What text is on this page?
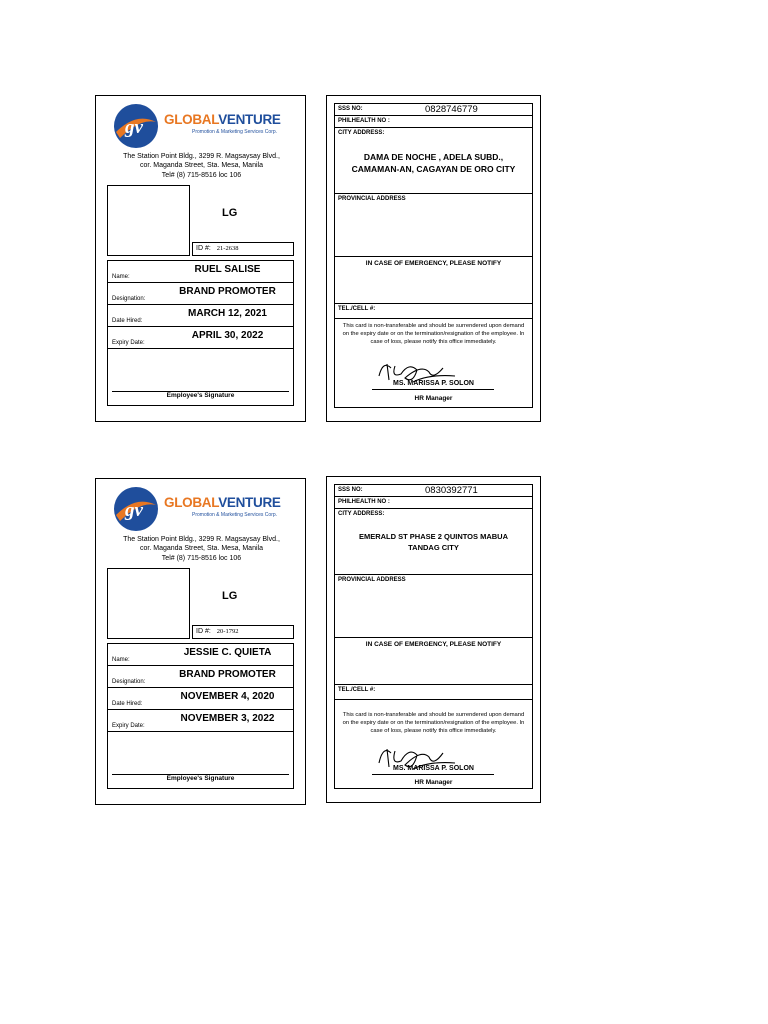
gv GLOBALVENTURE
Promotion & Marketing Services Corp.
The Station Point Bldg., 3299 R. Magsaysay Blvd.,
cor. Maganda Street, Sta. Mesa, Manila
Tel# (8) 715-8516 loc 106
LG
ID #: 21-2638
Name:
RUEL SALISE
Designation:
BRAND PROMOTER
Date Hired:
MARCH 12, 2021
Expiry Date:
APRIL 30, 2022
Employee's Signature
SSS NO:	0828746779
PHILHEALTH NO :
CITY ADDRESS:
DAMA DE NOCHE , ADELA SUBD.,
CAMAMAN-AN, CAGAYAN DE ORO CITY
PROVINCIAL ADDRESS
IN CASE OF EMERGENCY, PLEASE NOTIFY
TEL./CELL #:
This card is non-transferable and should be surrendered upon demand on the expiry date or on the termination/resignation of the employee. In case of loss, please notify this office immediately.
MS. MARISSA P. SOLON
HR Manager
gv GLOBALVENTURE
Promotion & Marketing Services Corp.
The Station Point Bldg., 3299 R. Magsaysay Blvd.,
cor. Maganda Street, Sta. Mesa, Manila
Tel# (8) 715-8516 loc 106
LG
ID #: 20-1792
Name:
JESSIE C. QUIETA
Designation:
BRAND PROMOTER
Date Hired:
NOVEMBER 4, 2020
Expiry Date:
NOVEMBER 3, 2022
Employee's Signature
SSS NO:	0830392771
PHILHEALTH NO :
CITY ADDRESS:
EMERALD ST PHASE 2 QUINTOS MABUA
TANDAG CITY
PROVINCIAL ADDRESS
IN CASE OF EMERGENCY, PLEASE NOTIFY
TEL./CELL #:
This card is non-transferable and should be surrendered upon demand on the expiry date or on the termination/resignation of the employee. In case of loss, please notify this office immediately.
MS. MARISSA P. SOLON
HR Manager
